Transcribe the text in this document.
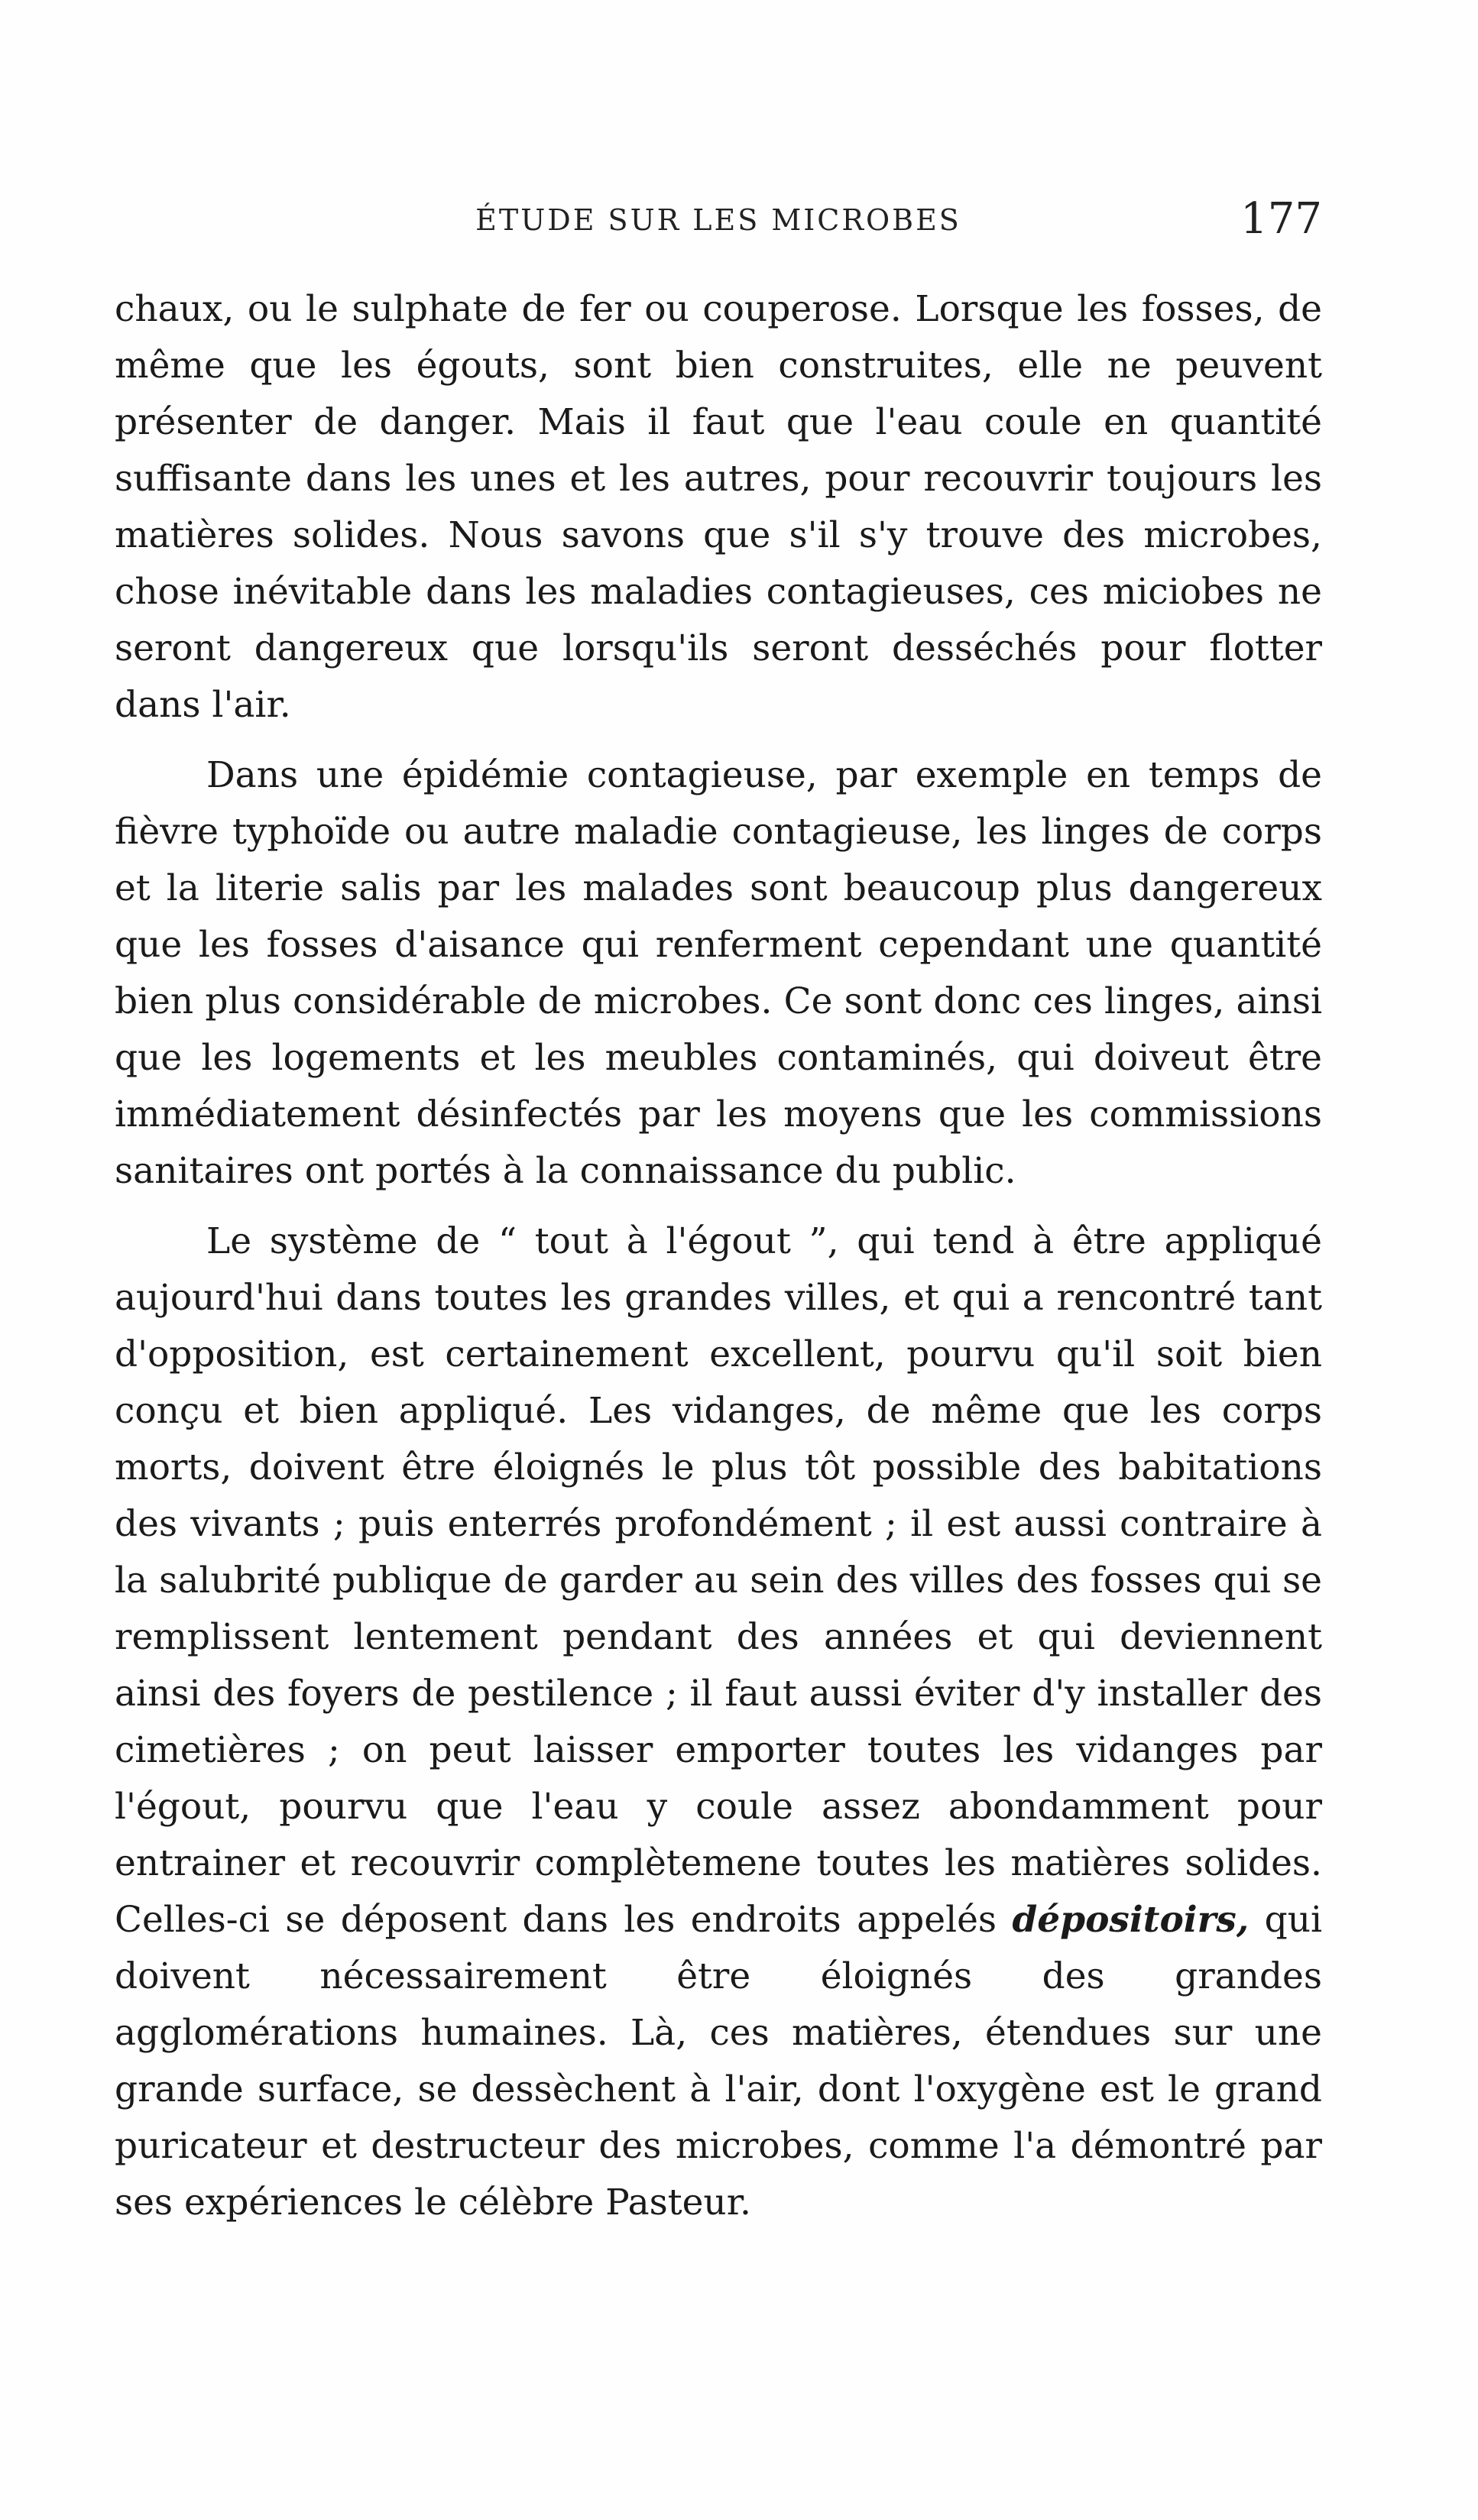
ÉTUDE SUR LES MICROBES	177

chaux, ou le sulphate de fer ou couperose. Lorsque les fosses, de même que les égouts, sont bien construites, elle ne peuvent présenter de danger. Mais il faut que l'eau coule en quantité suffisante dans les unes et les autres, pour recouvrir toujours les matières solides. Nous savons que s'il s'y trouve des microbes, chose inévitable dans les maladies contagieuses, ces miciobes ne seront dangereux que lorsqu'ils seront desséchés pour flotter dans l'air.

Dans une épidémie contagieuse, par exemple en temps de fièvre typhoïde ou autre maladie contagieuse, les linges de corps et la literie salis par les malades sont beaucoup plus dangereux que les fosses d'aisance qui renferment cependant une quantité bien plus considérable de microbes. Ce sont donc ces linges, ainsi que les logements et les meubles contaminés, qui doiveut être immédiatement désinfectés par les moyens que les commissions sanitaires ont portés à la connaissance du public.

Le système de “ tout à l'égout ”, qui tend à être appliqué aujourd'hui dans toutes les grandes villes, et qui a rencontré tant d'opposition, est certainement excellent, pourvu qu'il soit bien conçu et bien appliqué. Les vidanges, de même que les corps morts, doivent être éloignés le plus tôt possible des babitations des vivants ; puis enterrés profondément ; il est aussi contraire à la salubrité publique de garder au sein des villes des fosses qui se remplissent lentement pendant des années et qui deviennent ainsi des foyers de pestilence ; il faut aussi éviter d'y installer des cimetières ; on peut laisser emporter toutes les vidanges par l'égout, pourvu que l'eau y coule assez abondamment pour entrainer et recouvrir complètemene toutes les matières solides. Celles-ci se déposent dans les endroits appelés dépositoirs, qui doivent nécessairement être éloignés des grandes agglomérations humaines. Là, ces matières, étendues sur une grande surface, se dessèchent à l'air, dont l'oxygène est le grand puricateur et destructeur des microbes, comme l'a démontré par ses expériences le célèbre Pasteur.
